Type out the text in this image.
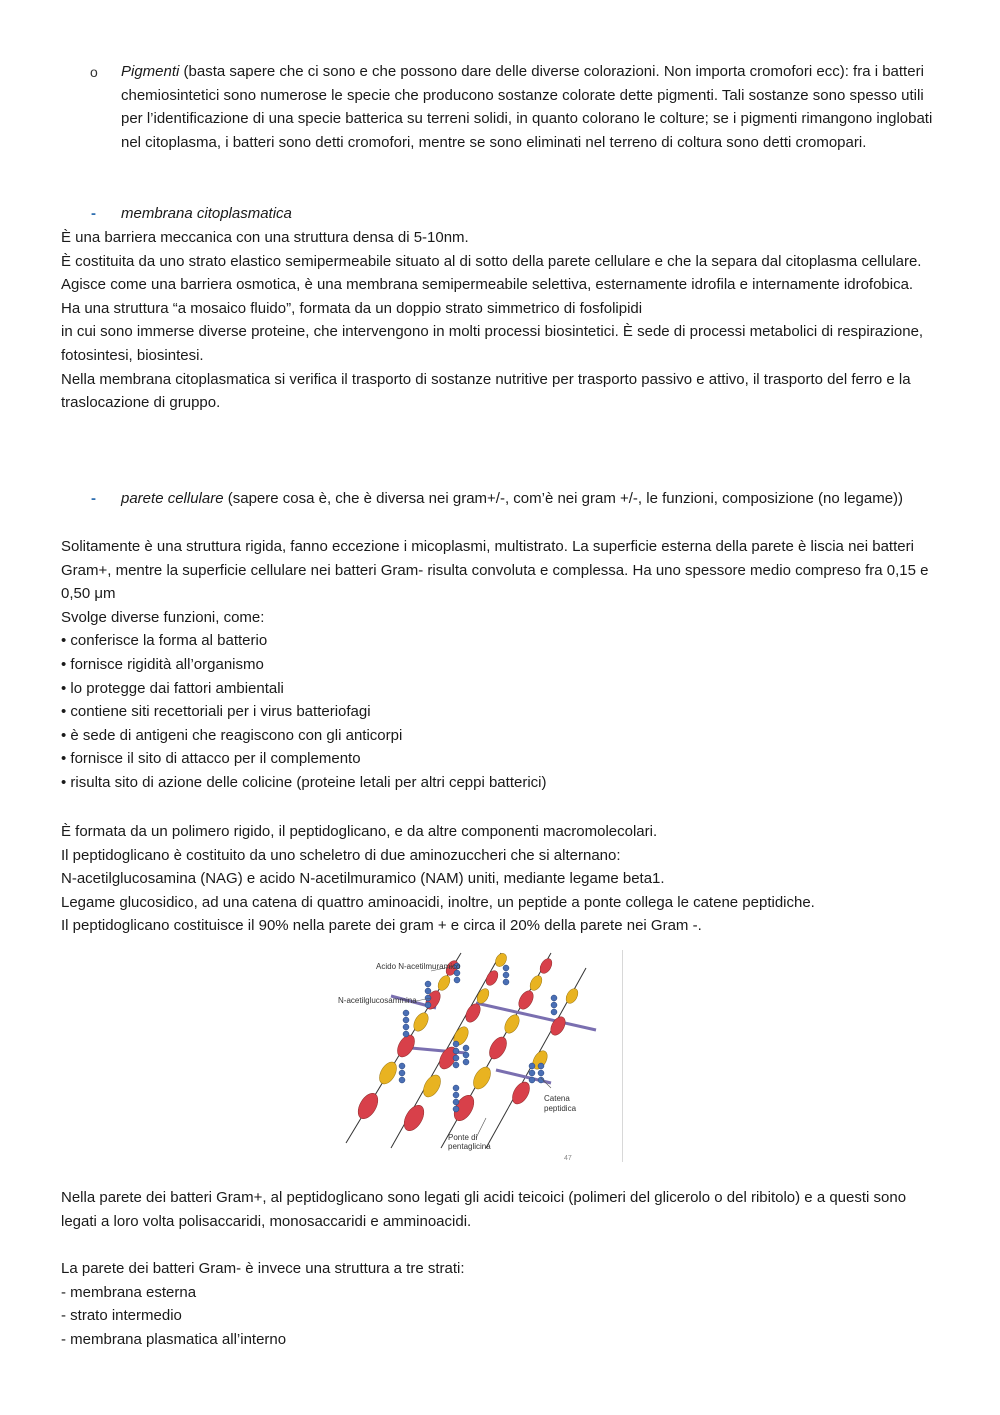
o	Pigmenti (basta sapere che ci sono e che possono dare delle diverse colorazioni. Non importa cromofori ecc): fra i batteri chemiosintetici sono numerose le specie che producono sostanze colorate dette pigmenti. Tali sostanze sono spesso utili per l’identificazione di una specie batterica su terreni solidi, in quanto colorano le colture; se i pigmenti rimangono inglobati nel citoplasma, i batteri sono detti cromofori, mentre se sono eliminati nel terreno di coltura sono detti cromopari.

-	membrana citoplasmatica

È una barriera meccanica con una struttura densa di 5-10nm.

È costituita da uno strato elastico semipermeabile situato al di sotto della parete cellulare e che la separa dal citoplasma cellulare.

Agisce come una barriera osmotica, è una membrana semipermeabile selettiva, esternamente idrofila e internamente idrofobica.

Ha una struttura “a mosaico fluido”, formata da un doppio strato simmetrico di fosfolipidi

in cui sono immerse diverse proteine, che intervengono in molti processi biosintetici. È sede di processi metabolici di respirazione, fotosintesi, biosintesi.

Nella membrana citoplasmatica si verifica il trasporto di sostanze nutritive per trasporto passivo e attivo, il trasporto del ferro e la traslocazione di gruppo.

-	parete cellulare (sapere cosa è, che è diversa nei gram+/-, com’è nei gram +/-, le funzioni, composizione (no legame))

Solitamente è una struttura rigida, fanno eccezione i micoplasmi, multistrato. La superficie esterna della parete è liscia nei batteri Gram+, mentre la superficie cellulare nei batteri Gram- risulta convoluta e complessa. Ha uno spessore medio compreso fra 0,15 e 0,50 μm

Svolge diverse funzioni, come:

• conferisce la forma al batterio

• fornisce rigidità all’organismo

• lo protegge dai fattori ambientali

• contiene siti recettoriali per i virus batteriofagi

• è sede di antigeni che reagiscono con gli anticorpi

• fornisce il sito di attacco per il complemento

• risulta sito di azione delle colicine (proteine letali per altri ceppi batterici)

È formata da un polimero rigido, il peptidoglicano, e da altre componenti macromolecolari.

Il peptidoglicano è costituito da uno scheletro di due aminozuccheri che si alternano:

N-acetilglucosamina (NAG) e acido N-acetilmuramico (NAM) uniti, mediante legame beta1.

Legame glucosidico, ad una catena di quattro aminoacidi, inoltre, un peptide a ponte collega le catene peptidiche.

Il peptidoglicano costituisce il 90% nella parete dei gram + e circa il 20% della parete nei Gram -.

Acido N-acetilmuramico
N-acetilglucosammina
Catena
peptidica
Ponte di
pentaglicina
47

Nella parete dei batteri Gram+, al peptidoglicano sono legati gli acidi teicoici (polimeri del glicerolo o del ribitolo) e a questi sono legati a loro volta polisaccaridi, monosaccaridi e amminoacidi.

La parete dei batteri Gram- è invece una struttura a tre strati:

- membrana esterna

- strato intermedio

- membrana plasmatica all’interno
